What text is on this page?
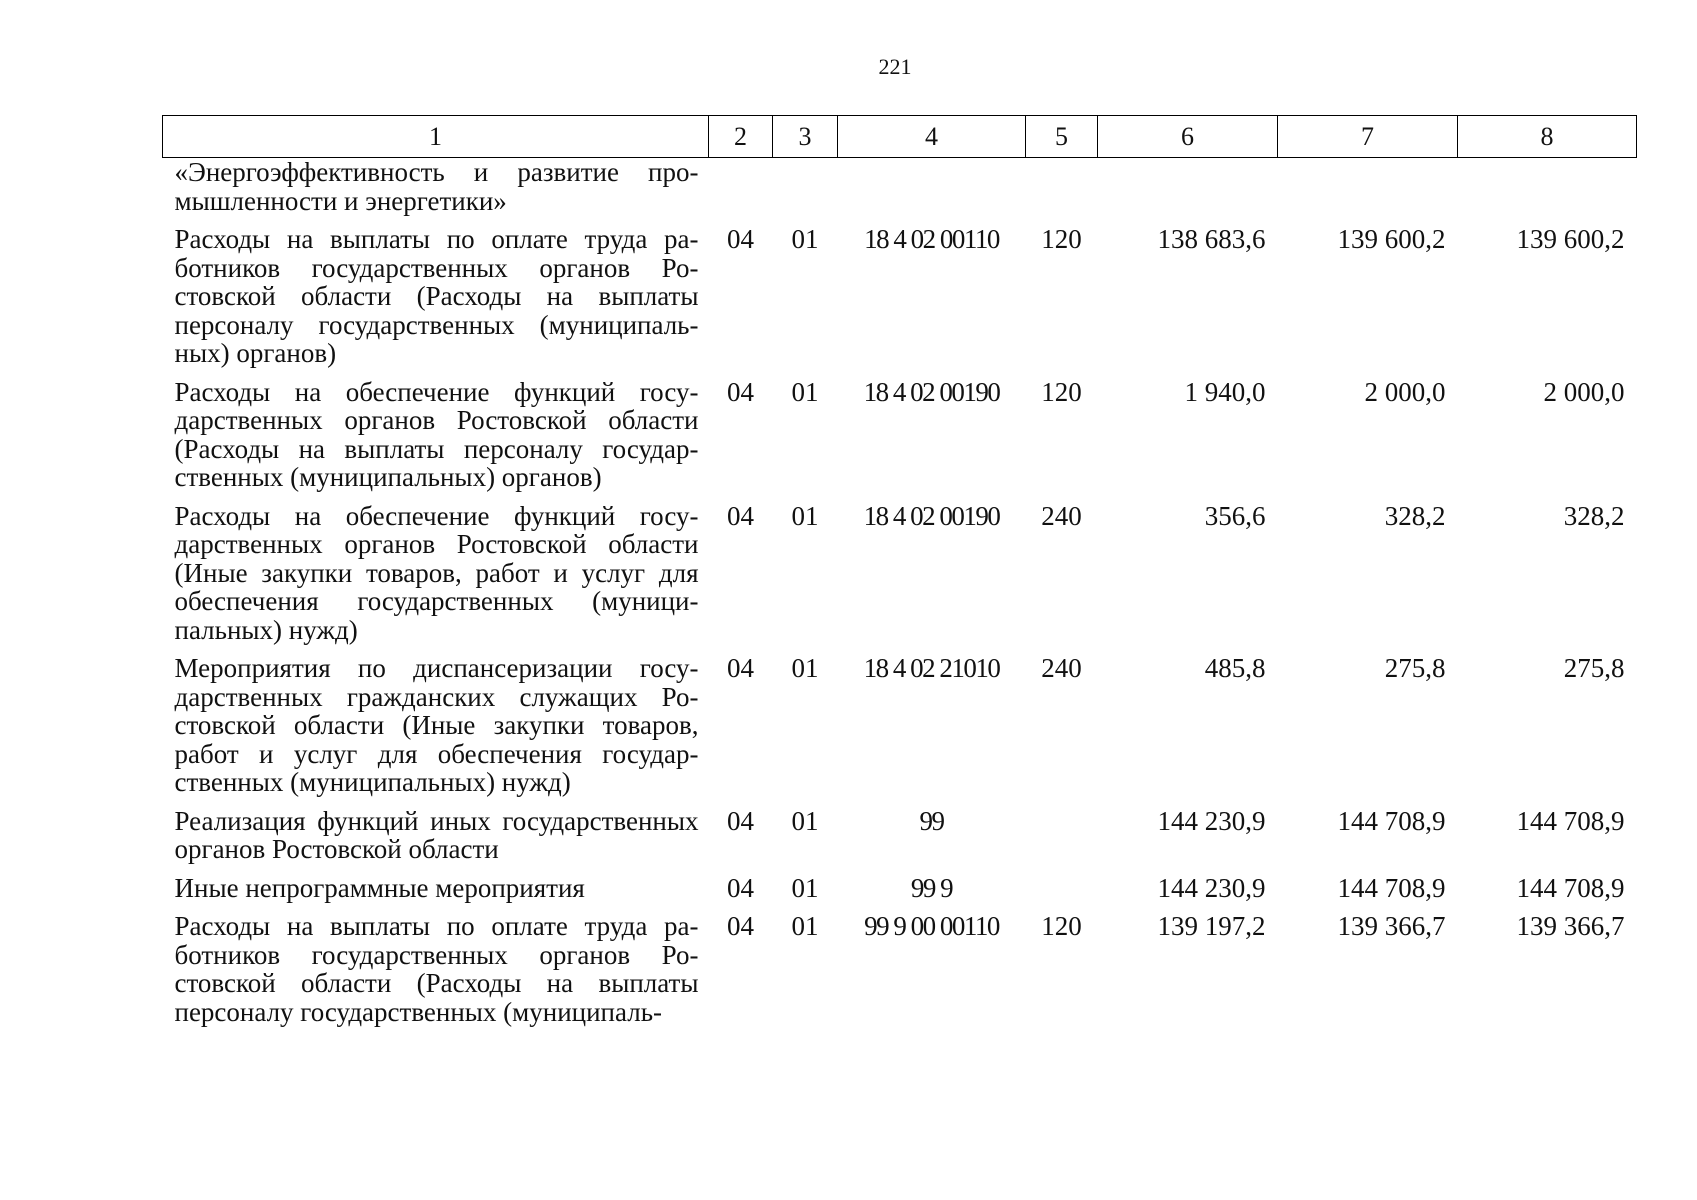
221
1	2	3	4	5	6	7	8
«Энергоэффективность и развитие промышленности и энергетики»							
Расходы на выплаты по оплате труда работников государственных органов Ростовской области (Расходы на выплаты персоналу государственных (муниципальных) органов)	04	01	18 4 02 00110	120	138 683,6	139 600,2	139 600,2
Расходы на обеспечение функций государственных органов Ростовской области (Расходы на выплаты персоналу государственных (муниципальных) органов)	04	01	18 4 02 00190	120	1 940,0	2 000,0	2 000,0
Расходы на обеспечение функций государственных органов Ростовской области (Иные закупки товаров, работ и услуг для обеспечения государственных (муниципальных) нужд)	04	01	18 4 02 00190	240	356,6	328,2	328,2
Мероприятия по диспансеризации государственных гражданских служащих Ростовской области (Иные закупки товаров, работ и услуг для обеспечения государственных (муниципальных) нужд)	04	01	18 4 02 21010	240	485,8	275,8	275,8
Реализация функций иных государственных органов Ростовской области	04	01	99		144 230,9	144 708,9	144 708,9
Иные непрограммные мероприятия	04	01	99 9		144 230,9	144 708,9	144 708,9
Расходы на выплаты по оплате труда работников государственных органов Ростовской области (Расходы на выплаты персоналу государственных (муниципаль-	04	01	99 9 00 00110	120	139 197,2	139 366,7	139 366,7
